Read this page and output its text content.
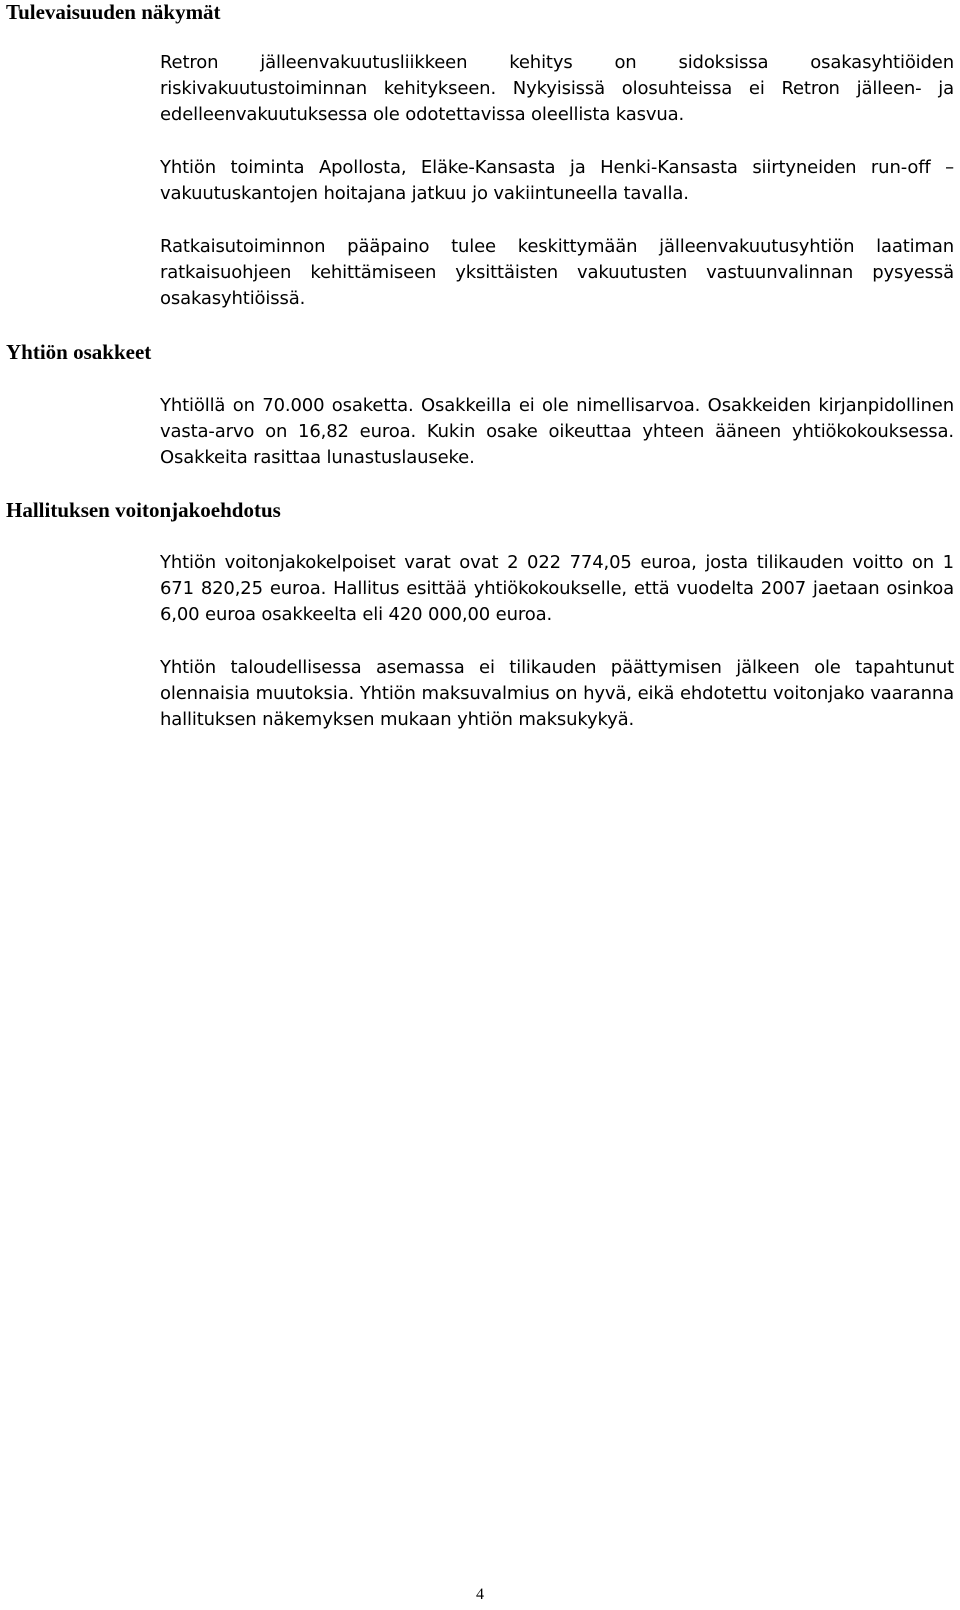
Tulevaisuuden näkymät

Retron jälleenvakuutusliikkeen kehitys on sidoksissa osakasyhtiöiden riskivakuutustoiminnan kehitykseen. Nykyisissä olosuhteissa ei Retron jälleen- ja edelleenvakuutuksessa ole odotettavissa oleellista kasvua.

Yhtiön toiminta Apollosta, Eläke-Kansasta ja Henki-Kansasta siirtyneiden run-off – vakuutuskantojen hoitajana jatkuu jo vakiintuneella tavalla.

Ratkaisutoiminnon pääpaino tulee keskittymään jälleenvakuutusyhtiön laatiman ratkaisuohjeen kehittämiseen yksittäisten vakuutusten vastuunvalinnan pysyessä osakasyhtiöissä.

Yhtiön osakkeet

Yhtiöllä on 70.000 osaketta. Osakkeilla ei ole nimellisarvoa. Osakkeiden kirjanpidollinen vasta-arvo on 16,82 euroa. Kukin osake oikeuttaa yhteen ääneen yhtiökokouksessa. Osakkeita rasittaa lunastuslauseke.

Hallituksen voitonjakoehdotus

Yhtiön voitonjakokelpoiset varat ovat 2 022 774,05 euroa, josta tilikauden voitto on 1 671 820,25 euroa. Hallitus esittää yhtiökokoukselle, että vuodelta 2007 jaetaan osinkoa 6,00 euroa osakkeelta eli 420 000,00 euroa.

Yhtiön taloudellisessa asemassa ei tilikauden päättymisen jälkeen ole tapahtunut olennaisia muutoksia. Yhtiön maksuvalmius on hyvä, eikä ehdotettu voitonjako vaaranna hallituksen näkemyksen mukaan yhtiön maksukykyä.

4
